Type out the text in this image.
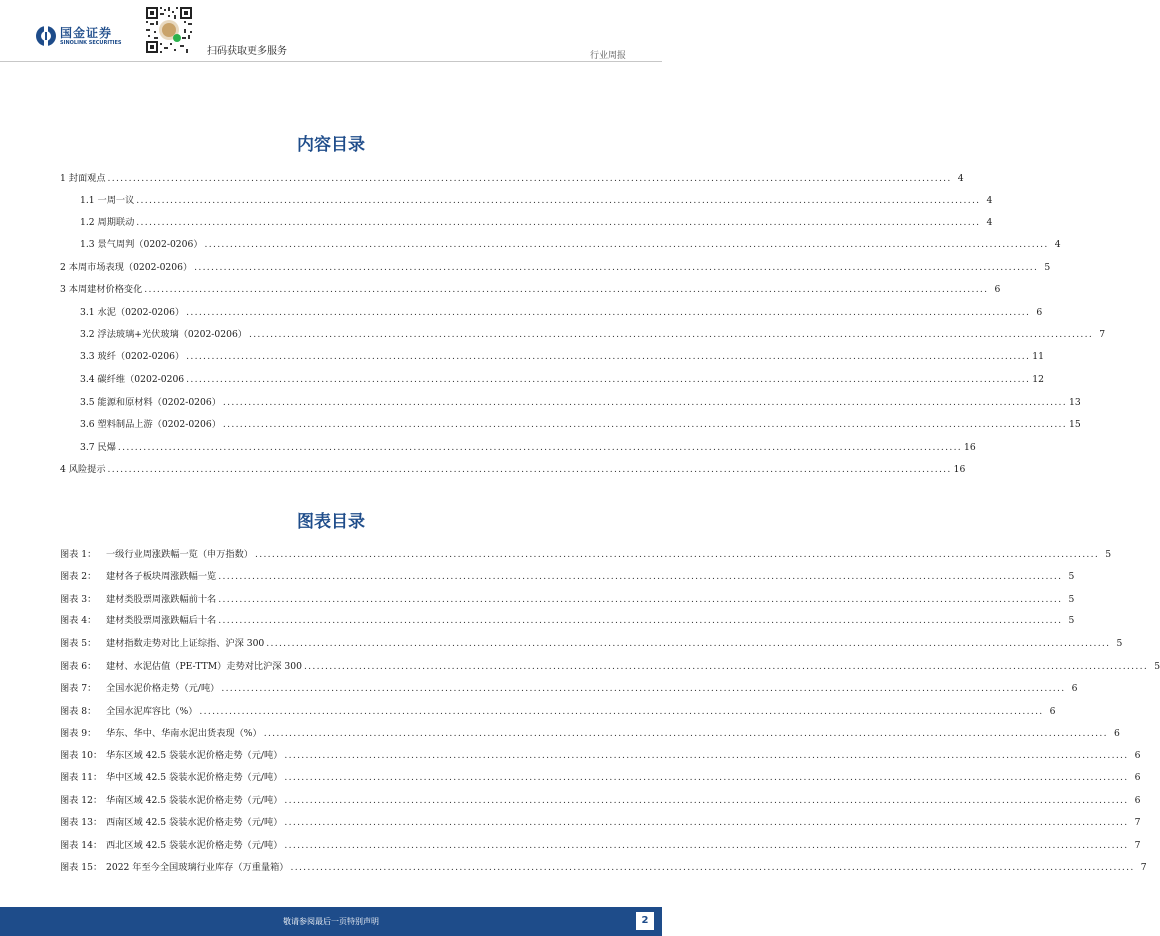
国金证券
SINOLINK SECURITIES
扫码获取更多服务	行业周报
内容目录
1 封面观点 ........................................................................................................................................................................................................ 4
1.1 一周一议 ........................................................................................................................................................................................................ 4
1.2 周期联动 ........................................................................................................................................................................................................ 4
1.3 景气周判（0202-0206） ........................................................................................................................................................................................................ 4
2 本周市场表现（0202-0206） ........................................................................................................................................................................................................ 5
3 本周建材价格变化 ........................................................................................................................................................................................................ 6
3.1 水泥（0202-0206） ........................................................................................................................................................................................................ 6
3.2 浮法玻璃+光伏玻璃（0202-0206） ........................................................................................................................................................................................................ 7
3.3 玻纤（0202-0206） ........................................................................................................................................................................................................ 11
3.4 碳纤维（0202-0206 ........................................................................................................................................................................................................ 12
3.5 能源和原材料（0202-0206） ........................................................................................................................................................................................................ 13
3.6 塑料制品上游（0202-0206） ........................................................................................................................................................................................................ 15
3.7 民爆 ........................................................................................................................................................................................................ 16
4 风险提示 ........................................................................................................................................................................................................ 16
图表目录
图表 1：	一级行业周涨跌幅一览（申万指数） ........................................................................................................................................................................................................ 5
图表 2：	建材各子板块周涨跌幅一览 ........................................................................................................................................................................................................ 5
图表 3：	建材类股票周涨跌幅前十名 ........................................................................................................................................................................................................ 5
图表 4：	建材类股票周涨跌幅后十名 ........................................................................................................................................................................................................ 5
图表 5：	建材指数走势对比上证综指、沪深 300 ........................................................................................................................................................................................................ 5
图表 6：	建材、水泥估值（PE-TTM）走势对比沪深 300 ........................................................................................................................................................................................................ 5
图表 7：	全国水泥价格走势（元/吨） ........................................................................................................................................................................................................ 6
图表 8：	全国水泥库容比（%） ........................................................................................................................................................................................................ 6
图表 9：	华东、华中、华南水泥出货表现（%） ........................................................................................................................................................................................................ 6
图表 10： 华东区域 42.5 袋装水泥价格走势（元/吨） ........................................................................................................................................................................................................ 6
图表 11： 华中区域 42.5 袋装水泥价格走势（元/吨） ........................................................................................................................................................................................................ 6
图表 12： 华南区域 42.5 袋装水泥价格走势（元/吨） ........................................................................................................................................................................................................ 6
图表 13： 西南区域 42.5 袋装水泥价格走势（元/吨） ........................................................................................................................................................................................................ 7
图表 14： 西北区域 42.5 袋装水泥价格走势（元/吨） ........................................................................................................................................................................................................ 7
图表 15： 2022 年至今全国玻璃行业库存（万重量箱） ........................................................................................................................................................................................................ 7
敬请参阅最后一页特别声明	2
